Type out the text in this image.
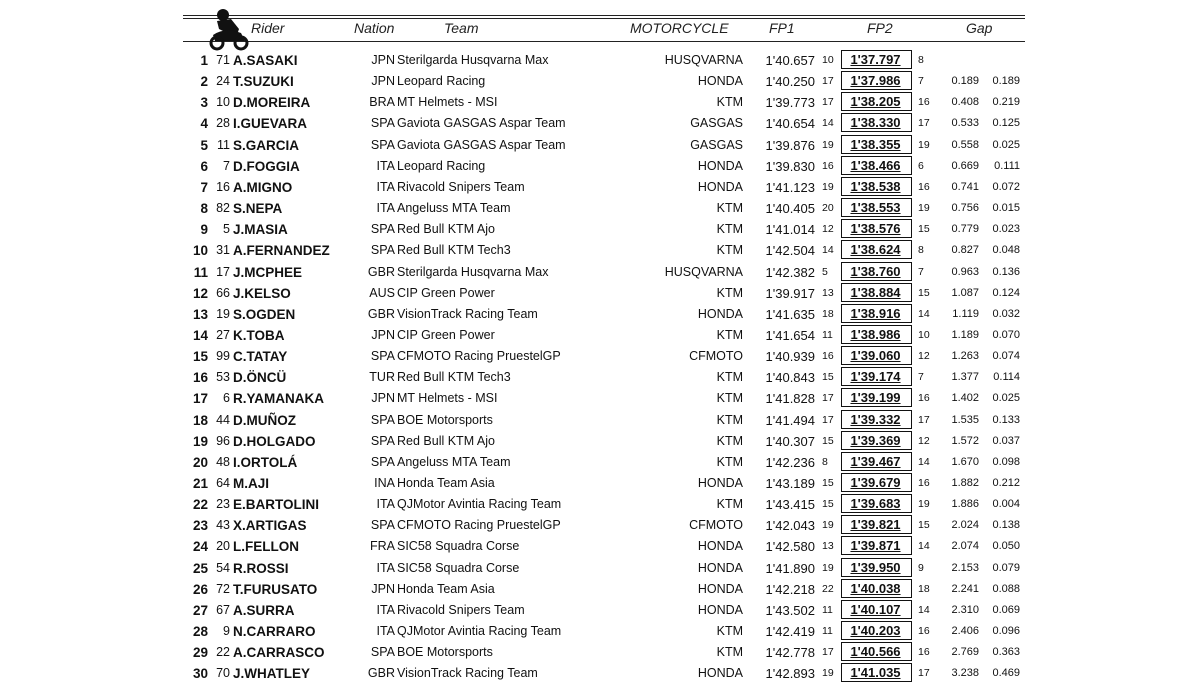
Rider	Nation	Team	MOTORCYCLE	FP1	FP2	Gap
1 71 A.SASAKI	JPN Sterilgarda Husqvarna Max	HUSQVARNA 1'40.657 10	1'37.797	8
2 24 T.SUZUKI	JPN Leopard Racing	HONDA 1'40.250 17	1'37.986	7	0.189 0.189
3 10 D.MOREIRA	BRA MT Helmets - MSI	KTM 1'39.773 17	1'38.205	16 0.408 0.219
4 28 I.GUEVARA	SPA Gaviota GASGAS Aspar Team	GASGAS 1'40.654 14	1'38.330	17 0.533 0.125
5 11 S.GARCIA	SPA Gaviota GASGAS Aspar Team	GASGAS 1'39.876 19	1'38.355	19 0.558 0.025
6 7 D.FOGGIA	ITA Leopard Racing	HONDA 1'39.830 16	1'38.466	6	0.669 0.111
7 16 A.MIGNO	ITA Rivacold Snipers Team	HONDA 1'41.123 19	1'38.538	16 0.741 0.072
8 82 S.NEPA	ITA Angeluss MTA Team	KTM 1'40.405 20	1'38.553	19 0.756 0.015
9 5 J.MASIA	SPA Red Bull KTM Ajo	KTM 1'41.014 12	1'38.576	15 0.779 0.023
10 31 A.FERNANDEZ	SPA Red Bull KTM Tech3	KTM 1'42.504 14	1'38.624	8	0.827 0.048
11 17 J.MCPHEE	GBR Sterilgarda Husqvarna Max	HUSQVARNA 1'42.382 5	1'38.760	7	0.963 0.136
12 66 J.KELSO	AUS CIP Green Power	KTM 1'39.917 13	1'38.884	15 1.087 0.124
13 19 S.OGDEN	GBR VisionTrack Racing Team	HONDA 1'41.635 18	1'38.916	14 1.119 0.032
14 27 K.TOBA	JPN CIP Green Power	KTM 1'41.654 11	1'38.986	10 1.189 0.070
15 99 C.TATAY	SPA CFMOTO Racing PruestelGP	CFMOTO 1'40.939 16	1'39.060	12 1.263 0.074
16 53 D.ÖNCÜ	TUR Red Bull KTM Tech3	KTM 1'40.843 15	1'39.174	7	1.377 0.114
17 6 R.YAMANAKA	JPN MT Helmets - MSI	KTM 1'41.828 17	1'39.199	16 1.402 0.025
18 44 D.MUÑOZ	SPA BOE Motorsports	KTM 1'41.494 17	1'39.332	17 1.535 0.133
19 96 D.HOLGADO	SPA Red Bull KTM Ajo	KTM 1'40.307 15	1'39.369	12 1.572 0.037
20 48 I.ORTOLÁ	SPA Angeluss MTA Team	KTM 1'42.236 8	1'39.467	14 1.670 0.098
21 64 M.AJI	INA Honda Team Asia	HONDA 1'43.189 15	1'39.679	16 1.882 0.212
22 23 E.BARTOLINI	ITA QJMotor Avintia Racing Team	KTM 1'43.415 15	1'39.683	19 1.886 0.004
23 43 X.ARTIGAS	SPA CFMOTO Racing PruestelGP	CFMOTO 1'42.043 19	1'39.821	15 2.024 0.138
24 20 L.FELLON	FRA SIC58 Squadra Corse	HONDA 1'42.580 13	1'39.871	14 2.074 0.050
25 54 R.ROSSI	ITA SIC58 Squadra Corse	HONDA 1'41.890 19	1'39.950	9	2.153 0.079
26 72 T.FURUSATO	JPN Honda Team Asia	HONDA 1'42.218 22	1'40.038	18 2.241 0.088
27 67 A.SURRA	ITA Rivacold Snipers Team	HONDA 1'43.502 11	1'40.107	14 2.310 0.069
28 9 N.CARRARO	ITA QJMotor Avintia Racing Team	KTM 1'42.419 11	1'40.203	16 2.406 0.096
29 22 A.CARRASCO	SPA BOE Motorsports	KTM 1'42.778 17	1'40.566	16 2.769 0.363
30 70 J.WHATLEY	GBR VisionTrack Racing Team	HONDA 1'42.893 19	1'41.035	17 3.238 0.469
